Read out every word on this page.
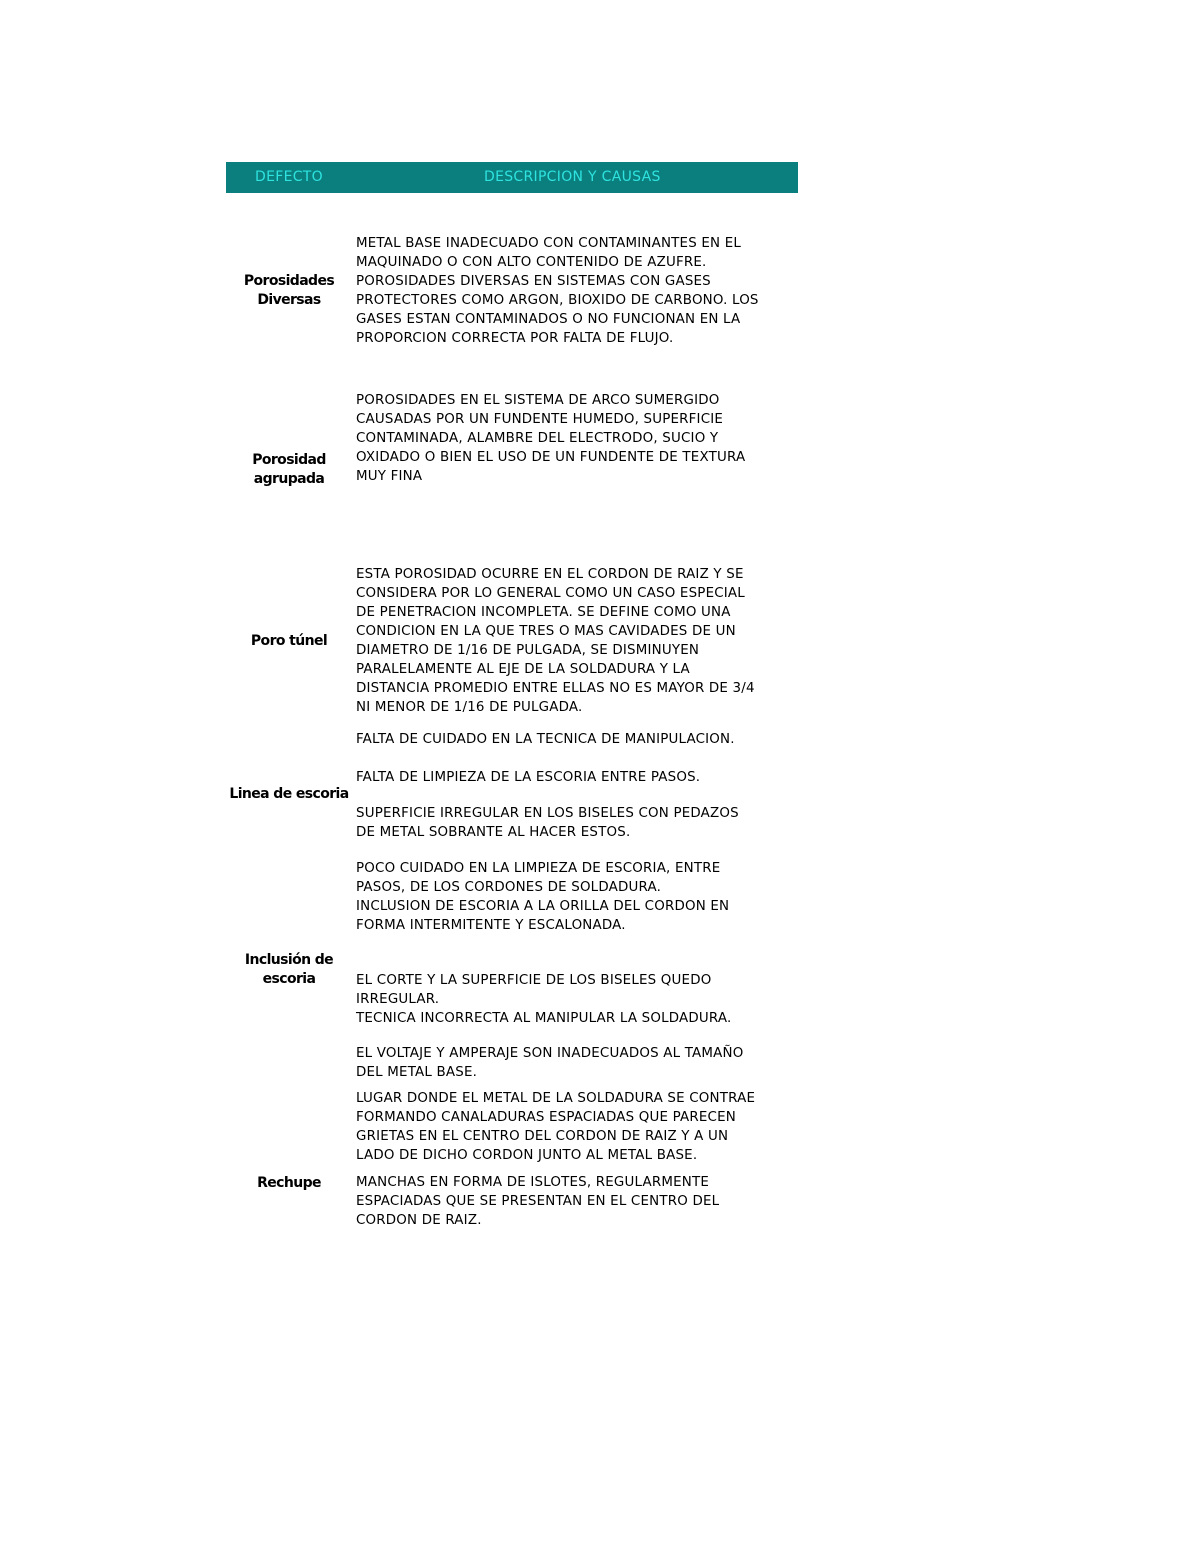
DEFECTO	DESCRIPCION Y CAUSAS
Porosidades
Diversas
Porosidad
agrupada
Poro túnel
Linea de escoria
Inclusión de
escoria
Rechupe
METAL BASE INADECUADO CON CONTAMINANTES EN EL
MAQUINADO O CON ALTO CONTENIDO DE AZUFRE.
POROSIDADES DIVERSAS EN SISTEMAS CON GASES
PROTECTORES COMO ARGON, BIOXIDO DE CARBONO. LOS
GASES ESTAN CONTAMINADOS O NO FUNCIONAN EN LA
PROPORCION CORRECTA POR FALTA DE FLUJO.
POROSIDADES EN EL SISTEMA DE ARCO SUMERGIDO
CAUSADAS POR UN FUNDENTE HUMEDO, SUPERFICIE
CONTAMINADA, ALAMBRE DEL ELECTRODO, SUCIO Y
OXIDADO O BIEN EL USO DE UN FUNDENTE DE TEXTURA
MUY FINA
ESTA POROSIDAD OCURRE EN EL CORDON DE RAIZ Y SE
CONSIDERA POR LO GENERAL COMO UN CASO ESPECIAL
DE PENETRACION INCOMPLETA. SE DEFINE COMO UNA
CONDICION EN LA QUE TRES O MAS CAVIDADES DE UN
DIAMETRO DE 1/16 DE PULGADA, SE DISMINUYEN
PARALELAMENTE AL EJE DE LA SOLDADURA Y LA
DISTANCIA PROMEDIO ENTRE ELLAS NO ES MAYOR DE 3/4
NI MENOR DE 1/16 DE PULGADA.
FALTA DE CUIDADO EN LA TECNICA DE MANIPULACION.
FALTA DE LIMPIEZA DE LA ESCORIA ENTRE PASOS.
SUPERFICIE IRREGULAR EN LOS BISELES CON PEDAZOS
DE METAL SOBRANTE AL HACER ESTOS.
POCO CUIDADO EN LA LIMPIEZA DE ESCORIA, ENTRE
PASOS, DE LOS CORDONES DE SOLDADURA.
INCLUSION DE ESCORIA A LA ORILLA DEL CORDON EN
FORMA INTERMITENTE Y ESCALONADA.
EL CORTE Y LA SUPERFICIE DE LOS BISELES QUEDO
IRREGULAR.
TECNICA INCORRECTA AL MANIPULAR LA SOLDADURA.
EL VOLTAJE Y AMPERAJE SON INADECUADOS AL TAMAÑO
DEL METAL BASE.
LUGAR DONDE EL METAL DE LA SOLDADURA SE CONTRAE
FORMANDO CANALADURAS ESPACIADAS QUE PARECEN
GRIETAS EN EL CENTRO DEL CORDON DE RAIZ Y A UN
LADO DE DICHO CORDON JUNTO AL METAL BASE.
MANCHAS EN FORMA DE ISLOTES, REGULARMENTE
ESPACIADAS QUE SE PRESENTAN EN EL CENTRO DEL
CORDON DE RAIZ.
